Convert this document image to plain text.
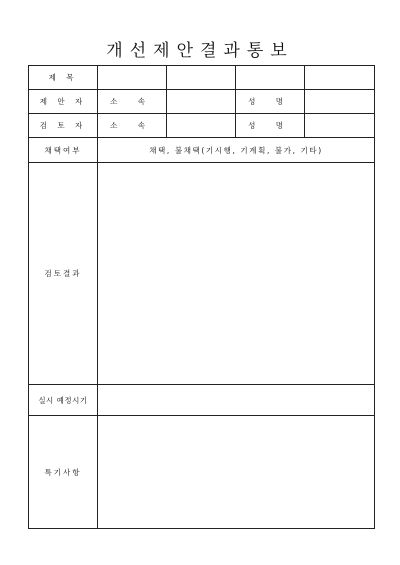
개선제안결과통보
제 목				
제 안 자	소 속		성 명	
검 토 자	소 속		성 명	
채택여부	채택, 불채택(기시행, 기계획, 불가, 기타)			
검토결과				
실시 예정시기				
특기사항				
